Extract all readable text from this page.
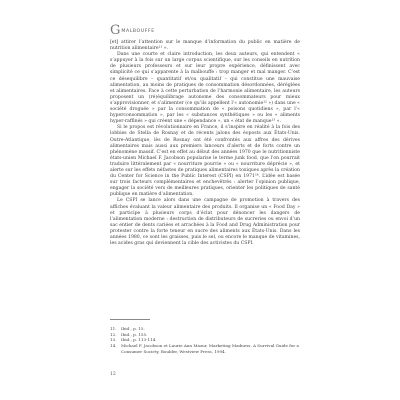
G MALBOUFFE

[et] attirer l’attention sur le manque d’information du public en matière de nutrition alimentaire¹¹ ».

Dans une courte et claire introduction, les deux auteurs, qui entendent « s’appuyer à la fois sur un large corpus scientifique, sur les conseils en nutrition de plusieurs professeurs et sur leur propre expérience, définissent avec simplicité ce qui s’apparente à la malbouffe : trop manger et mal manger. C’est ce désequilibre – quantitatif et/ou qualitatif – qui constitue une mauvaise alimentation, au moins de pratiques de consommation désordonnées, déréglées et alimentaires. Face à cette perturbation de l’harmonie alimentaire, les auteurs proposent un (ré)équilibrage autonome des consommateurs pour mieux s’approvisionner, et s’alimenter (ce qu’ils appellent l’« autonomie¹² ») dans une « société droguée » par la consommation de « poisons quotidiens », par l’« hyperconsommation », par les « substances synthétiques » ou les « aliments hyper-raffinés » qui créent une « dépendance », un « état de manque¹³ ».

Si le propos est révolutionnaire en France, il s’inspire en réalité à la fois des lobbies de Stella de Rosnay et de récents jalons des éoposts aux États-Unis. Outre-Atlantique, lès de Rosnay ont été confrontés aux affres des dérives alimentaires mais aussi aux premiers lanceurs d’alerts et de forts contre un phénomène massif. C’est en effet au début des années 1970 que le nutritionniste états-unien Michael F. Jacobson popularise le terme junk food, que l’on pourrait traduire littéralement par « nourriture pourrie » ou « nourriture déprécie », et alerte sur les effets néfastes de pratiques alimentaires toxiques après la création du Center for Science in the Public Interest (CSPI) en 1971¹⁴. L’idée est basée sur trois facteurs complémentaires et enchevêtrés : alerter l’opinion publique, engager la société vers de meilleures pratiques, orienter les politiques de santé publique en matière d’alimentation.

Le CSPI se lance alors dans une campagne de promotion à travers des affiches évaluant la valeur alimentaire des produits. Il organise un « Food Day » et participe à plusieurs corps d’éclat pour dénoncer les dangers de l’alimentation moderne : destruction de distributeurs de sucreries ou envoi d’un sac entier de dents cariées et arrachées à la Food and Drug Administration pour protester contre la forte teneur en sucre des aliments aux États-Unis. Dans les années 1980, ce sont les graisses, puis le sel, ou encore le manque de vitamines, les acides gras qui deviennent la cible des activistes du CSPI.

11.	Ibid., p. 15.
12.	Ibid., p. 155.
13.	Ibid., p. 113-114.
14.	Michael F. Jacobson et Laurie Ann Mazur, Marketing Madness. A Survival Guide for a Consumer Society, Boulder, Westview Press, 1994.
12
